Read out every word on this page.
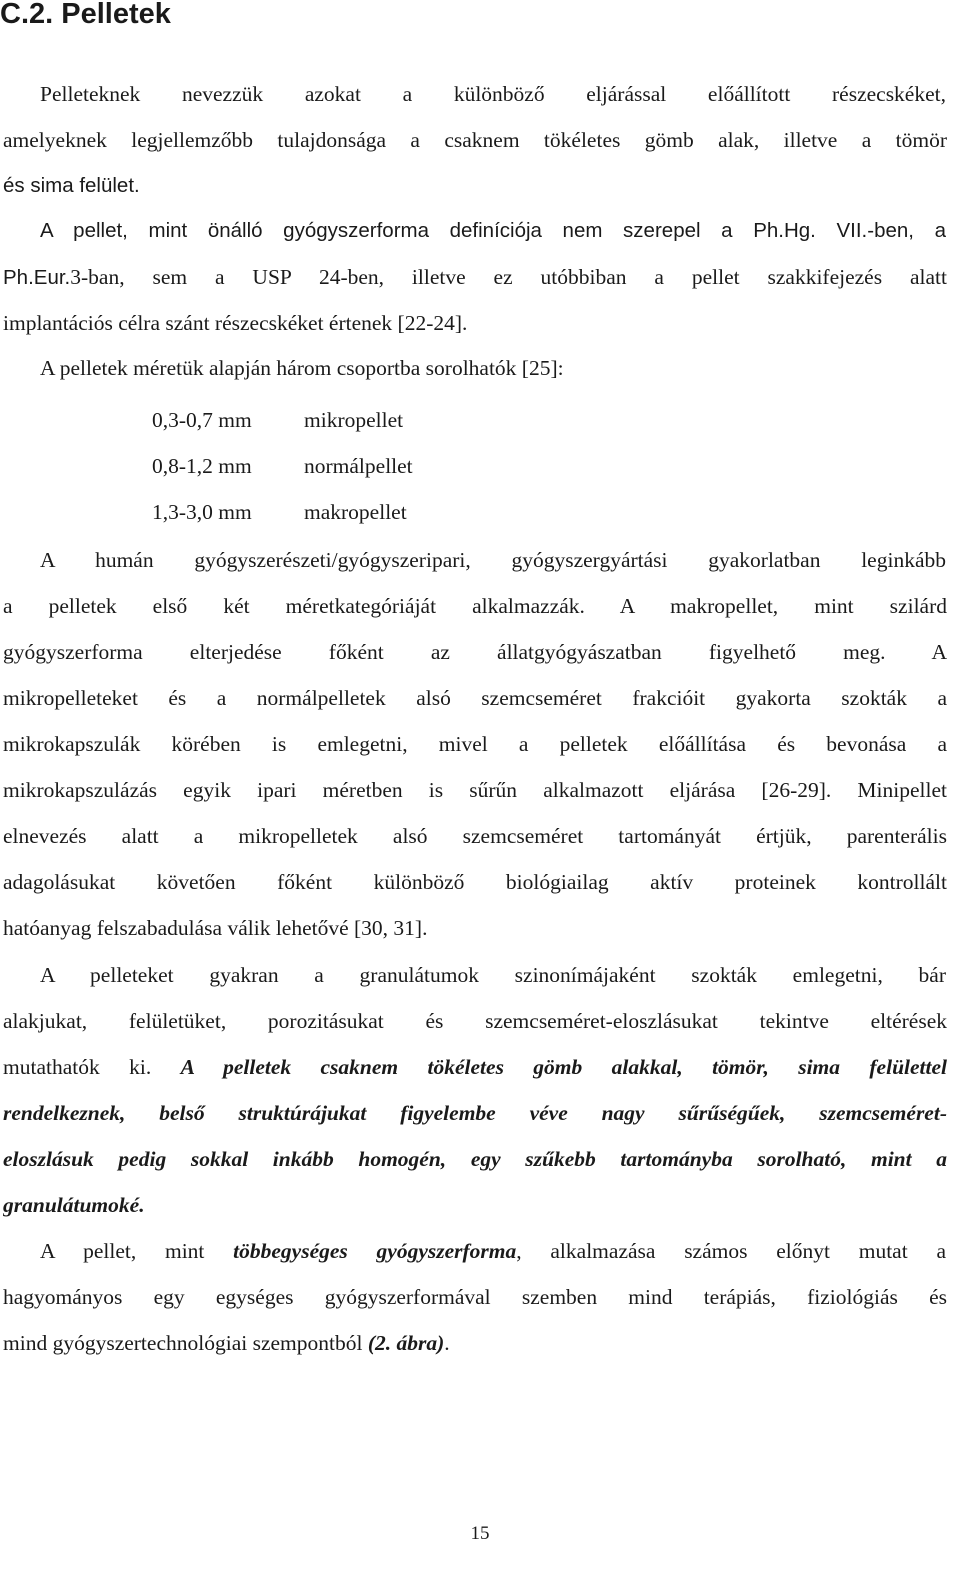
C.2. Pelletek
Pelleteknek nevezzük azokat a különböző eljárással előállított részecskéket,
amelyeknek legjellemzőbb tulajdonsága a csaknem tökéletes gömb alak, illetve a tömör
és sima felület.
A pellet, mint önálló gyógyszerforma definíciója nem szerepel a Ph.Hg. VII.-ben, a
Ph.Eur.3-ban, sem a USP 24-ben, illetve ez utóbbiban a pellet szakkifejezés alatt
implantációs célra szánt részecskéket értenek [22-24].
A pelletek méretük alapján három csoportba sorolhatók [25]:
0,3-0,7 mm mikropellet
0,8-1,2 mm normálpellet
1,3-3,0 mm makropellet
A humán gyógyszerészeti/gyógyszeripari, gyógyszergyártási gyakorlatban leginkább
a pelletek első két méretkategóriáját alkalmazzák. A makropellet, mint szilárd
gyógyszerforma elterjedése főként az állatgyógyászatban figyelhető meg. A
mikropelleteket és a normálpelletek alsó szemcseméret frakcióit gyakorta szokták a
mikrokapszulák körében is emlegetni, mivel a pelletek előállítása és bevonása a
mikrokapszulázás egyik ipari méretben is sűrűn alkalmazott eljárása [26-29]. Minipellet
elnevezés alatt a mikropelletek alsó szemcseméret tartományát értjük, parenterális
adagolásukat követően főként különböző biológiailag aktív proteinek kontrollált
hatóanyag felszabadulása válik lehetővé [30, 31].
A pelleteket gyakran a granulátumok szinonímájaként szokták emlegetni, bár
alakjukat, felületüket, porozitásukat és szemcseméret-eloszlásukat tekintve eltérések
mutathatók ki. A pelletek csaknem tökéletes gömb alakkal, tömör, sima felülettel
rendelkeznek, belső struktúrájukat figyelembe véve nagy sűrűségűek, szemcseméret-
eloszlásuk pedig sokkal inkább homogén, egy szűkebb tartományba sorolható, mint a
granulátumoké.
A pellet, mint többegységes gyógyszerforma, alkalmazása számos előnyt mutat a
hagyományos egy egységes gyógyszerformával szemben mind terápiás, fiziológiás és
mind gyógyszertechnológiai szempontból (2. ábra).
15
